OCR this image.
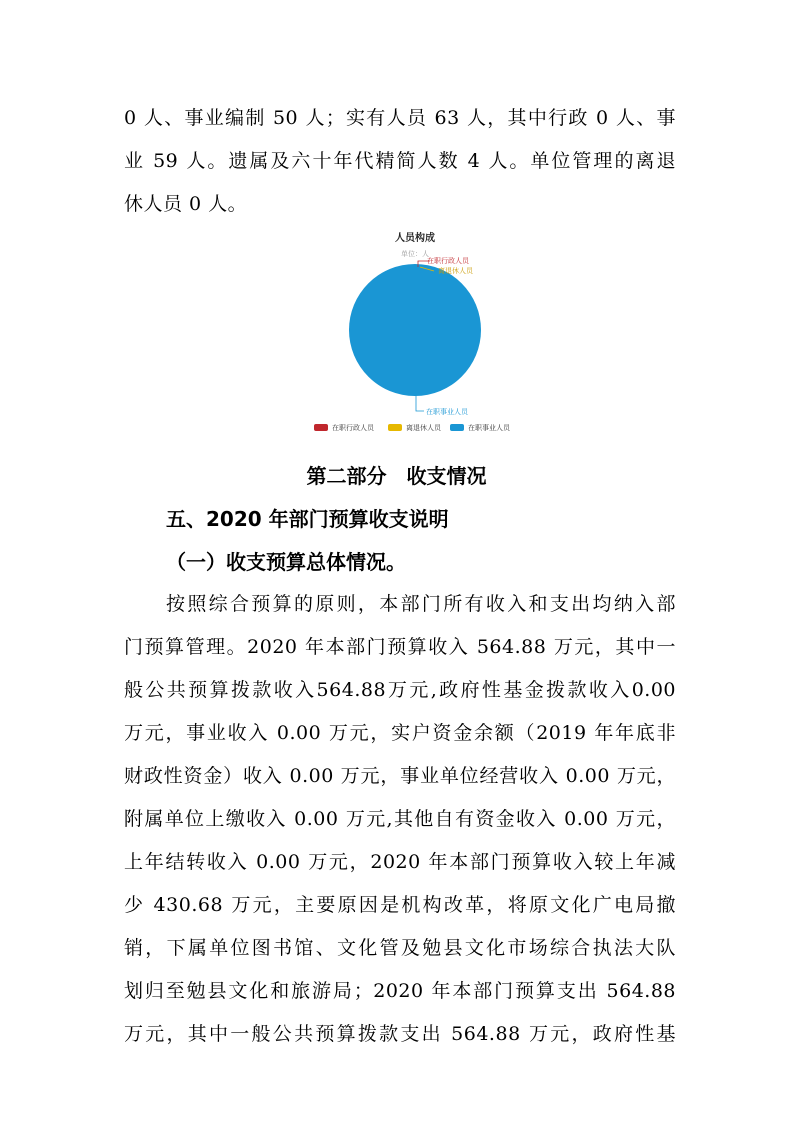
0 人、事业编制 50 人；实有人员 63 人，其中行政 0 人、事
业 59 人。遗属及六十年代精简人数 4 人。单位管理的离退
休人员 0 人。
人员构成
单位：人
在职行政人员
离退休人员
在职事业人员
在职行政人员	离退休人员	在职事业人员
第二部分　收支情况
五、2020 年部门预算收支说明
（一）收支预算总体情况。
按照综合预算的原则，本部门所有收入和支出均纳入部
门预算管理。2020 年本部门预算收入 564.88 万元，其中一
般公共预算拨款收入564.88万元,政府性基金拨款收入0.00
万元，事业收入 0.00 万元，实户资金余额（2019 年年底非
财政性资金）收入 0.00 万元，事业单位经营收入 0.00 万元，
附属单位上缴收入 0.00 万元,其他自有资金收入 0.00 万元，
上年结转收入 0.00 万元，2020 年本部门预算收入较上年减
少 430.68 万元，主要原因是机构改革，将原文化广电局撤
销，下属单位图书馆、文化管及勉县文化市场综合执法大队
划归至勉县文化和旅游局；2020 年本部门预算支出 564.88
万元，其中一般公共预算拨款支出 564.88 万元，政府性基
